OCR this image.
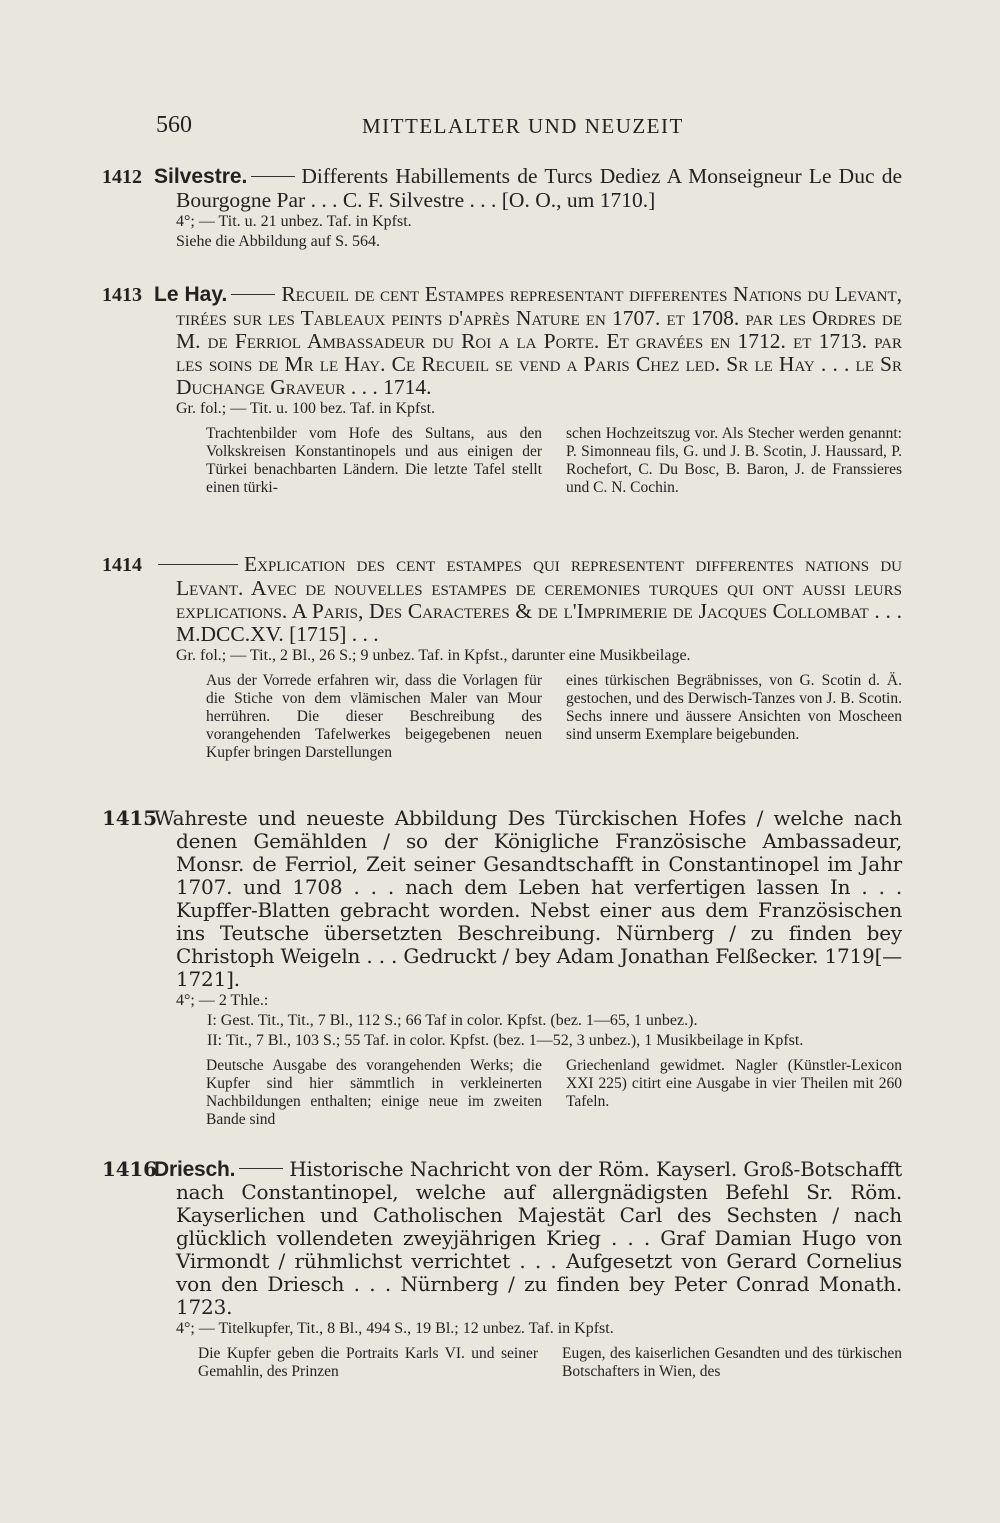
560	MITTELALTER UND NEUZEIT

1412 Silvestre.	Differents Habillements de Turcs Dediez A Monseigneur Le Duc de Bourgogne Par . . . C. F. Silvestre . . . [O. O., um 1710.]

4°; — Tit. u. 21 unbez. Taf. in Kpfst.

Siehe die Abbildung auf S. 564.

1413 Le Hay.	Recueil de cent Estampes representant differentes Nations du Levant, tirées sur les Tableaux peints d'après Nature en 1707. et 1708. par les Ordres de M. de Ferriol Ambassadeur du Roi a la Porte. Et gravées en 1712. et 1713. par les soins de Mr le Hay. Ce Recueil se vend a Paris Chez led. Sr le Hay . . . le Sr Duchange Graveur . . . 1714.

Gr. fol.; — Tit. u. 100 bez. Taf. in Kpfst.

Trachtenbilder vom Hofe des Sultans, aus den Volkskreisen Konstantinopels und aus einigen der Türkei benachbarten Ländern. Die letzte Tafel stellt einen türki-
schen Hochzeitszug vor. Als Stecher werden genannt: P. Simonneau fils, G. und J. B. Scotin, J. Haussard, P. Rochefort, C. Du Bosc, B. Baron, J. de Franssieres und C. N. Cochin.

1414	Explication des cent estampes qui representent differentes nations du Levant. Avec de nouvelles estampes de ceremonies turques qui ont aussi leurs explications. A Paris, Des Caracteres & de l'Imprimerie de Jacques Collombat . . . M.DCC.XV. [1715] . . .

Gr. fol.; — Tit., 2 Bl., 26 S.; 9 unbez. Taf. in Kpfst., darunter eine Musikbeilage.

Aus der Vorrede erfahren wir, dass die Vorlagen für die Stiche von dem vlämischen Maler van Mour herrühren. Die dieser Beschreibung des vorangehenden Tafelwerkes beigegebenen neuen Kupfer bringen Darstellungen
eines türkischen Begräbnisses, von G. Scotin d. Ä. gestochen, und des Derwisch-Tanzes von J. B. Scotin. Sechs innere und äussere Ansichten von Moscheen sind unserm Exemplare beigebunden.

1415Wahreste und neueste Abbildung Des Türckischen Hofes / welche nach denen Gemählden / so der Königliche Französische Ambassadeur, Monsr. de Ferriol, Zeit seiner Gesandtschafft in Constantinopel im Jahr 1707. und 1708 . . . nach dem Leben hat verfertigen lassen In . . . Kupffer-Blatten gebracht worden. Nebst einer aus dem Französischen ins Teutsche übersetzten Beschreibung. Nürnberg / zu finden bey Christoph Weigeln . . . Gedruckt / bey Adam Jonathan Felßecker. 1719[—1721].

4°; — 2 Thle.:

I: Gest. Tit., Tit., 7 Bl., 112 S.; 66 Taf in color. Kpfst. (bez. 1—65, 1 unbez.).

II: Tit., 7 Bl., 103 S.; 55 Taf. in color. Kpfst. (bez. 1—52, 3 unbez.), 1 Musikbeilage in Kpfst.

Deutsche Ausgabe des vorangehenden Werks; die Kupfer sind hier sämmtlich in verkleinerten Nachbildungen enthalten; einige neue im zweiten Bande sind
Griechenland gewidmet. Nagler (Künstler-Lexicon XXI 225) citirt eine Ausgabe in vier Theilen mit 260 Tafeln.

1416Driesch.	Historische Nachricht von der Röm. Kayserl. Groß-Botschafft nach Constantinopel, welche auf allergnädigsten Befehl Sr. Röm. Kayserlichen und Catholischen Majestät Carl des Sechsten / nach glücklich vollendeten zweyjährigen Krieg . . . Graf Damian Hugo von Virmondt / rühmlichst verrichtet . . . Aufgesetzt von Gerard Cornelius von den Driesch . . . Nürnberg / zu finden bey Peter Conrad Monath. 1723.

4°; — Titelkupfer, Tit., 8 Bl., 494 S., 19 Bl.; 12 unbez. Taf. in Kpfst.

Die Kupfer geben die Portraits Karls VI. und seiner Gemahlin, des Prinzen
Eugen, des kaiserlichen Gesandten und des türkischen Botschafters in Wien, des
